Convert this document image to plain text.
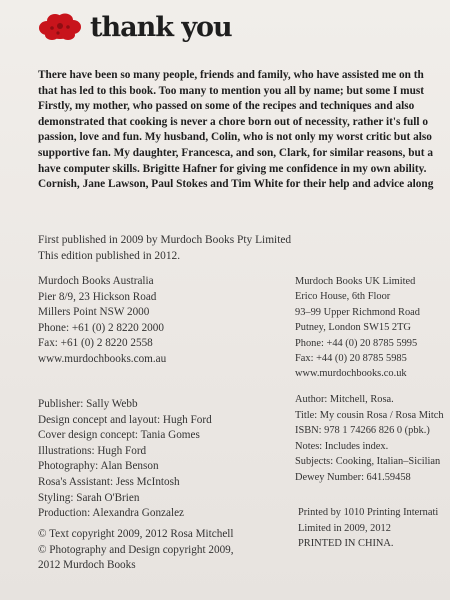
thank you
There have been so many people, friends and family, who have assisted me on th
that has led to this book. Too many to mention you all by name; but some I must
Firstly, my mother, who passed on some of the recipes and techniques and also
demonstrated that cooking is never a chore born out of necessity, rather it's full o
passion, love and fun. My husband, Colin, who is not only my worst critic but also
supportive fan. My daughter, Francesca, and son, Clark, for similar reasons, but a
have computer skills. Brigitte Hafner for giving me confidence in my own ability.
Cornish, Jane Lawson, Paul Stokes and Tim White for their help and advice along
First published in 2009 by Murdoch Books Pty Limited
This edition published in 2012.
Murdoch Books Australia
Pier 8/9, 23 Hickson Road
Millers Point NSW 2000
Phone: +61 (0) 2 8220 2000
Fax: +61 (0) 2 8220 2558
www.murdochbooks.com.au
Murdoch Books UK Limited
Erico House, 6th Floor
93–99 Upper Richmond Road
Putney, London SW15 2TG
Phone: +44 (0) 20 8785 5995
Fax: +44 (0) 20 8785 5985
www.murdochbooks.co.uk
Publisher: Sally Webb
Design concept and layout: Hugh Ford
Cover design concept: Tania Gomes
Illustrations: Hugh Ford
Photography: Alan Benson
Rosa's Assistant: Jess McIntosh
Styling: Sarah O'Brien
Production: Alexandra Gonzalez
Author: Mitchell, Rosa.
Title: My cousin Rosa / Rosa Mitch
ISBN: 978 1 74266 826 0 (pbk.)
Notes: Includes index.
Subjects: Cooking, Italian–Sicilian
Dewey Number: 641.59458
© Text copyright 2009, 2012 Rosa Mitchell
© Photography and Design copyright 2009,
2012 Murdoch Books
Printed by 1010 Printing Internati
Limited in 2009, 2012
PRINTED IN CHINA.
